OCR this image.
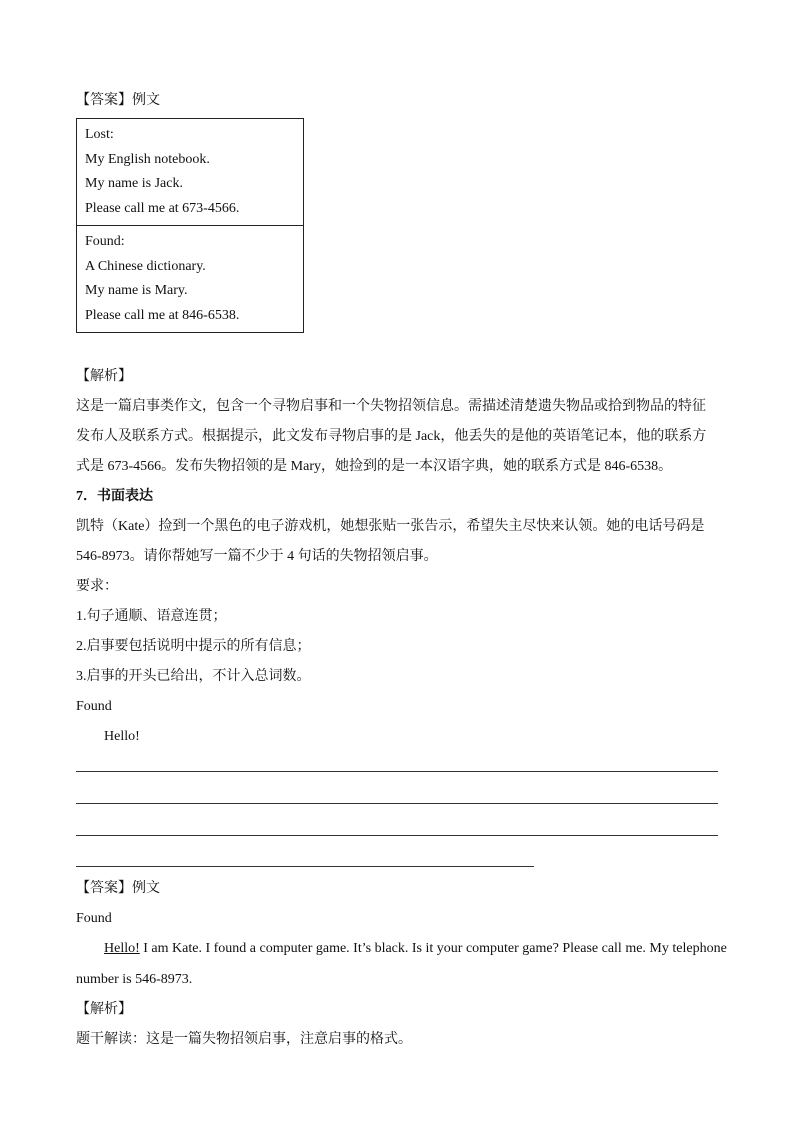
【答案】例文
Lost:
My English notebook.
My name is Jack.
Please call me at 673-4566.
Found:
A Chinese dictionary.
My name is Mary.
Please call me at 846-6538.
【解析】
这是一篇启事类作文，包含一个寻物启事和一个失物招领信息。需描述清楚遗失物品或拾到物品的特征
发布人及联系方式。根据提示，此文发布寻物启事的是 Jack，他丢失的是他的英语笔记本，他的联系方
式是 673-4566。发布失物招领的是 Mary，她捡到的是一本汉语字典，她的联系方式是 846-6538。
7．书面表达
凯特（Kate）捡到一个黑色的电子游戏机，她想张贴一张告示，希望失主尽快来认领。她的电话号码是
546-8973。请你帮她写一篇不少于 4 句话的失物招领启事。
要求：
1.句子通顺、语意连贯；
2.启事要包括说明中提示的所有信息；
3.启事的开头已给出，不计入总词数。
Found
Hello!
【答案】例文
Found
Hello! I am Kate. I found a computer game. It’s black. Is it your computer game? Please call me. My telephone
number is 546-8973.
【解析】
题干解读：这是一篇失物招领启事，注意启事的格式。
